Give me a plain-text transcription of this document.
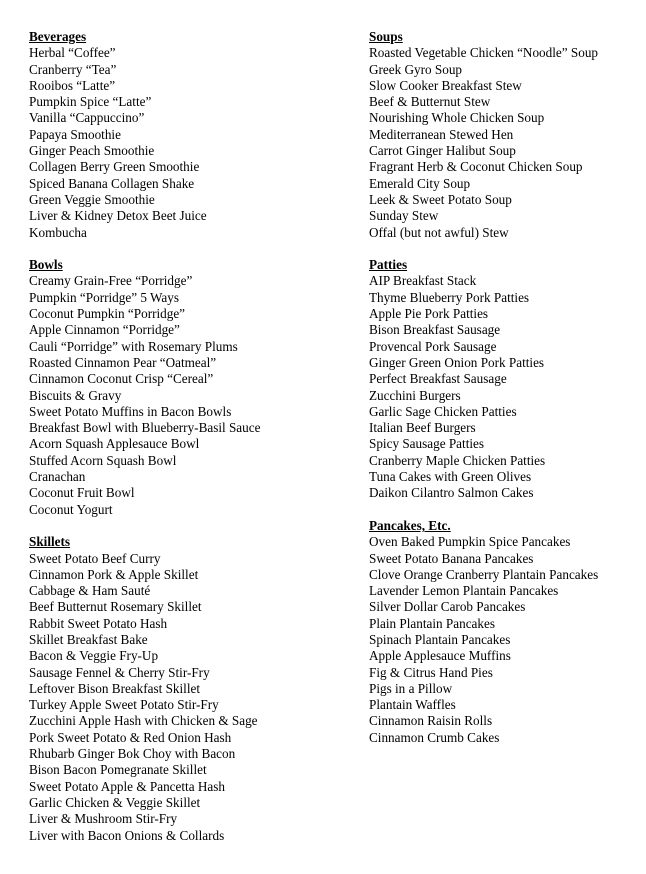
Beverages
Herbal “Coffee”
Cranberry “Tea”
Rooibos “Latte”
Pumpkin Spice “Latte”
Vanilla “Cappuccino”
Papaya Smoothie
Ginger Peach Smoothie
Collagen Berry Green Smoothie
Spiced Banana Collagen Shake
Green Veggie Smoothie
Liver & Kidney Detox Beet Juice
Kombucha
Bowls
Creamy Grain-Free “Porridge”
Pumpkin “Porridge” 5 Ways
Coconut Pumpkin “Porridge”
Apple Cinnamon “Porridge”
Cauli “Porridge” with Rosemary Plums
Roasted Cinnamon Pear “Oatmeal”
Cinnamon Coconut Crisp “Cereal”
Biscuits & Gravy
Sweet Potato Muffins in Bacon Bowls
Breakfast Bowl with Blueberry-Basil Sauce
Acorn Squash Applesauce Bowl
Stuffed Acorn Squash Bowl
Cranachan
Coconut Fruit Bowl
Coconut Yogurt
Skillets
Sweet Potato Beef Curry
Cinnamon Pork & Apple Skillet
Cabbage & Ham Sauté
Beef Butternut Rosemary Skillet
Rabbit Sweet Potato Hash
Skillet Breakfast Bake
Bacon & Veggie Fry-Up
Sausage Fennel & Cherry Stir-Fry
Leftover Bison Breakfast Skillet
Turkey Apple Sweet Potato Stir-Fry
Zucchini Apple Hash with Chicken & Sage
Pork Sweet Potato & Red Onion Hash
Rhubarb Ginger Bok Choy with Bacon
Bison Bacon Pomegranate Skillet
Sweet Potato Apple & Pancetta Hash
Garlic Chicken & Veggie Skillet
Liver & Mushroom Stir-Fry
Liver with Bacon Onions & Collards
Soups
Roasted Vegetable Chicken “Noodle” Soup
Greek Gyro Soup
Slow Cooker Breakfast Stew
Beef & Butternut Stew
Nourishing Whole Chicken Soup
Mediterranean Stewed Hen
Carrot Ginger Halibut Soup
Fragrant Herb & Coconut Chicken Soup
Emerald City Soup
Leek & Sweet Potato Soup
Sunday Stew
Offal (but not awful) Stew
Patties
AIP Breakfast Stack
Thyme Blueberry Pork Patties
Apple Pie Pork Patties
Bison Breakfast Sausage
Provencal Pork Sausage
Ginger Green Onion Pork Patties
Perfect Breakfast Sausage
Zucchini Burgers
Garlic Sage Chicken Patties
Italian Beef Burgers
Spicy Sausage Patties
Cranberry Maple Chicken Patties
Tuna Cakes with Green Olives
Daikon Cilantro Salmon Cakes
Pancakes, Etc.
Oven Baked Pumpkin Spice Pancakes
Sweet Potato Banana Pancakes
Clove Orange Cranberry Plantain Pancakes
Lavender Lemon Plantain Pancakes
Silver Dollar Carob Pancakes
Plain Plantain Pancakes
Spinach Plantain Pancakes
Apple Applesauce Muffins
Fig & Citrus Hand Pies
Pigs in a Pillow
Plantain Waffles
Cinnamon Raisin Rolls
Cinnamon Crumb Cakes
